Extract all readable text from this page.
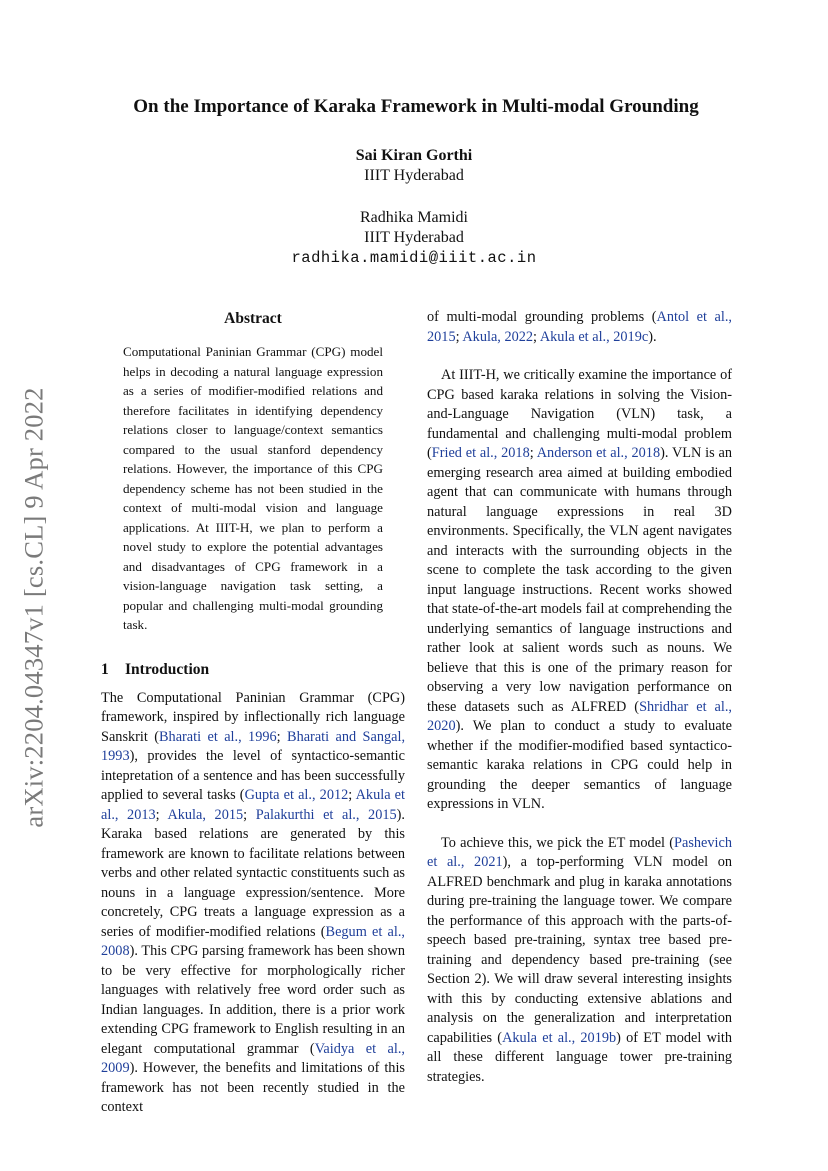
arXiv:2204.04347v1 [cs.CL] 9 Apr 2022
On the Importance of Karaka Framework in Multi-modal Grounding
Sai Kiran Gorthi
IIIT Hyderabad
Radhika Mamidi
IIIT Hyderabad
radhika.mamidi@iiit.ac.in
Abstract

Computational Paninian Grammar (CPG) model helps in decoding a natural language expression as a series of modifier-modified relations and therefore facilitates in identifying dependency relations closer to language/context semantics compared to the usual stanford dependency relations. However, the importance of this CPG dependency scheme has not been studied in the context of multi-modal vision and language applications. At IIIT-H, we plan to perform a novel study to explore the potential advantages and disadvantages of CPG framework in a vision-language navigation task setting, a popular and challenging multi-modal grounding task.

1 Introduction

The Computational Paninian Grammar (CPG) framework, inspired by inflectionally rich language Sanskrit (Bharati et al., 1996; Bharati and Sangal, 1993), provides the level of syntactico-semantic intepretation of a sentence and has been successfully applied to several tasks (Gupta et al., 2012; Akula et al., 2013; Akula, 2015; Palakurthi et al., 2015). Karaka based relations are generated by this framework are known to facilitate relations between verbs and other related syntactic constituents such as nouns in a language expression/sentence. More concretely, CPG treats a language expression as a series of modifier-modified relations (Begum et al., 2008). This CPG parsing framework has been shown to be very effective for morphologically richer languages with relatively free word order such as Indian languages. In addition, there is a prior work extending CPG framework to English resulting in an elegant computational grammar (Vaidya et al., 2009). However, the benefits and limitations of this framework has not been recently studied in the context

of multi-modal grounding problems (Antol et al., 2015; Akula, 2022; Akula et al., 2019c).

At IIIT-H, we critically examine the importance of CPG based karaka relations in solving the Vision-and-Language Navigation (VLN) task, a fundamental and challenging multi-modal problem (Fried et al., 2018; Anderson et al., 2018). VLN is an emerging research area aimed at building embodied agent that can communicate with humans through natural language expressions in real 3D environments. Specifically, the VLN agent navigates and interacts with the surrounding objects in the scene to complete the task according to the given input language instructions. Recent works showed that state-of-the-art models fail at comprehending the underlying semantics of language instructions and rather look at salient words such as nouns. We believe that this is one of the primary reason for observing a very low navigation performance on these datasets such as ALFRED (Shridhar et al., 2020). We plan to conduct a study to evaluate whether if the modifier-modified based syntactico-semantic karaka relations in CPG could help in grounding the deeper semantics of language expressions in VLN.

To achieve this, we pick the ET model (Pashevich et al., 2021), a top-performing VLN model on ALFRED benchmark and plug in karaka annotations during pre-training the language tower. We compare the performance of this approach with the parts-of-speech based pre-training, syntax tree based pre-training and dependency based pre-training (see Section 2). We will draw several interesting insights with this by conducting extensive ablations and analysis on the generalization and interpretation capabilities (Akula et al., 2019b) of ET model with all these different language tower pre-training strategies.
